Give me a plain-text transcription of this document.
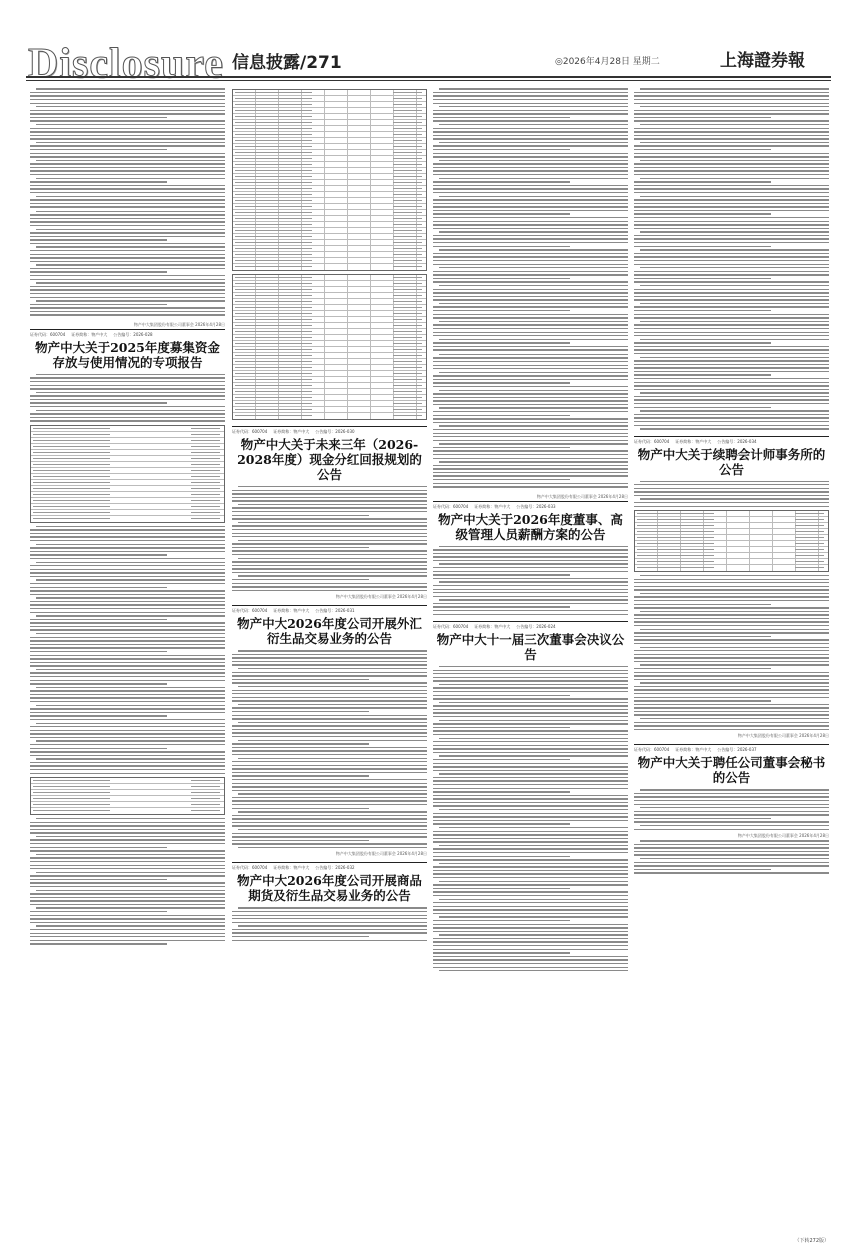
Disclosure 信息披露/271	◎2026年4月28日 星期二	上海證券報
物产中大集团股份有限公司董事会 2026年4月28日
证券代码：600704 证券简称：物产中大 公告编号：2026-028
物产中大关于2025年度募集资金存放与使用情况的专项报告
证券代码：600704 证券简称：物产中大 公告编号：2026-030
物产中大关于未来三年（2026-2028年度）现金分红回报规划的公告
物产中大集团股份有限公司董事会 2026年4月28日
证券代码：600704 证券简称：物产中大 公告编号：2026-031
物产中大2026年度公司开展外汇衍生品交易业务的公告
物产中大集团股份有限公司董事会 2026年4月28日
证券代码：600704 证券简称：物产中大 公告编号：2026-032
物产中大2026年度公司开展商品期货及衍生品交易业务的公告
物产中大集团股份有限公司董事会 2026年4月28日
证券代码：600704 证券简称：物产中大 公告编号：2026-033
物产中大关于2026年度董事、高级管理人员薪酬方案的公告
证券代码：600704 证券简称：物产中大 公告编号：2026-024
物产中大十一届三次董事会决议公告
证券代码：600704 证券简称：物产中大 公告编号：2026-034
物产中大关于续聘会计师事务所的公告
物产中大集团股份有限公司董事会 2026年4月28日
证券代码：600704 证券简称：物产中大 公告编号：2026-037
物产中大关于聘任公司董事会秘书的公告
物产中大集团股份有限公司董事会 2026年4月28日
（下转272版）
